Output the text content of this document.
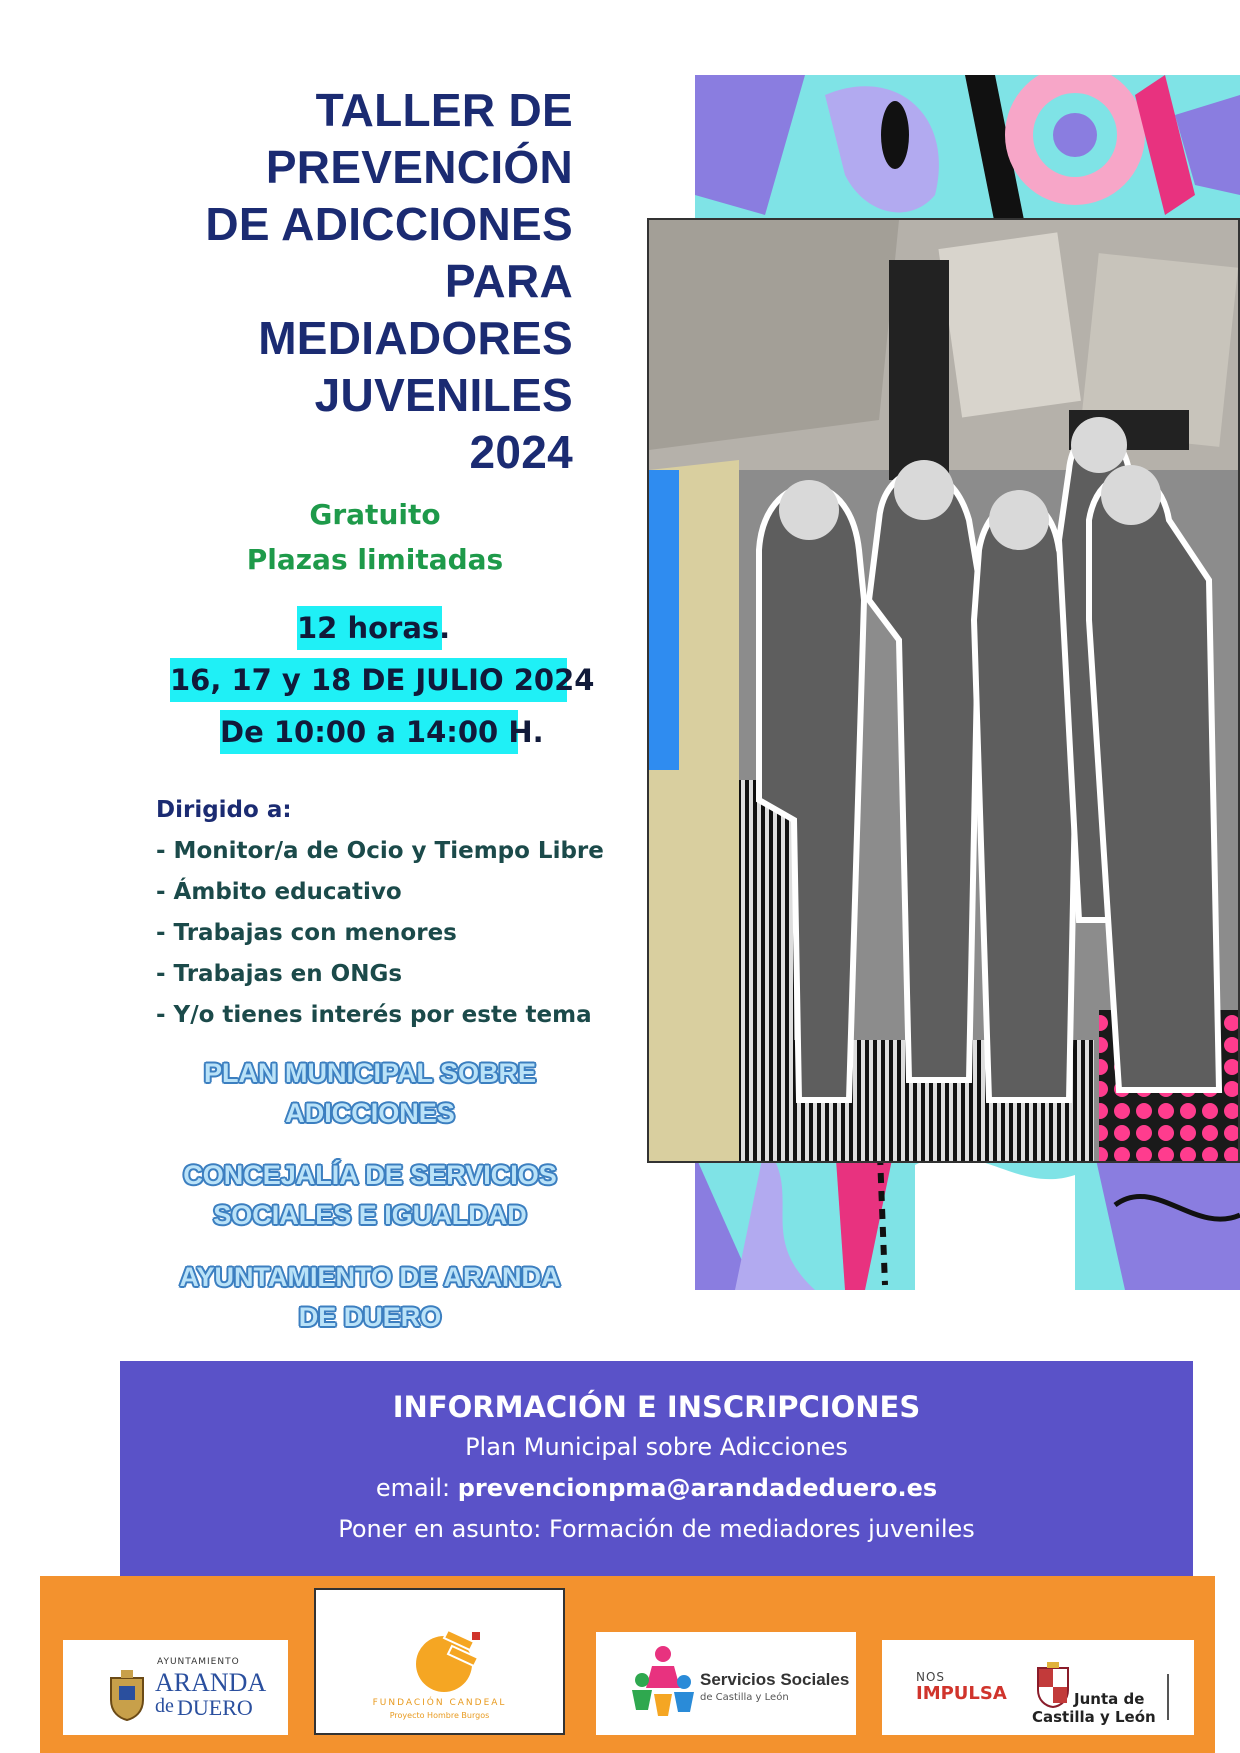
TALLER DE
PREVENCIÓN
DE ADICCIONES
PARA
MEDIADORES
JUVENILES
2024
Gratuito
Plazas limitadas
12 horas.
16, 17 y 18 DE JULIO 2024
De 10:00 a 14:00 H.
Dirigido a:
- Monitor/a de Ocio y Tiempo Libre
- Ámbito educativo
- Trabajas con menores
- Trabajas en ONGs
- Y/o tienes interés por este tema
PLAN MUNICIPAL SOBRE
ADICCIONES
CONCEJALÍA DE SERVICIOS
SOCIALES E IGUALDAD
AYUNTAMIENTO DE ARANDA
DE DUERO
INFORMACIÓN E INSCRIPCIONES
Plan Municipal sobre Adicciones
email: prevencionpma@arandadeduero.es
Poner en asunto: Formación de mediadores juveniles
AYUNTAMIENTO
ARANDA
de DUERO	FUNDACIÓN CANDEAL
Proyecto Hombre Burgos
Servicios Sociales
de Castilla y León
NOS
IMPULSA	Junta de
Castilla y León
